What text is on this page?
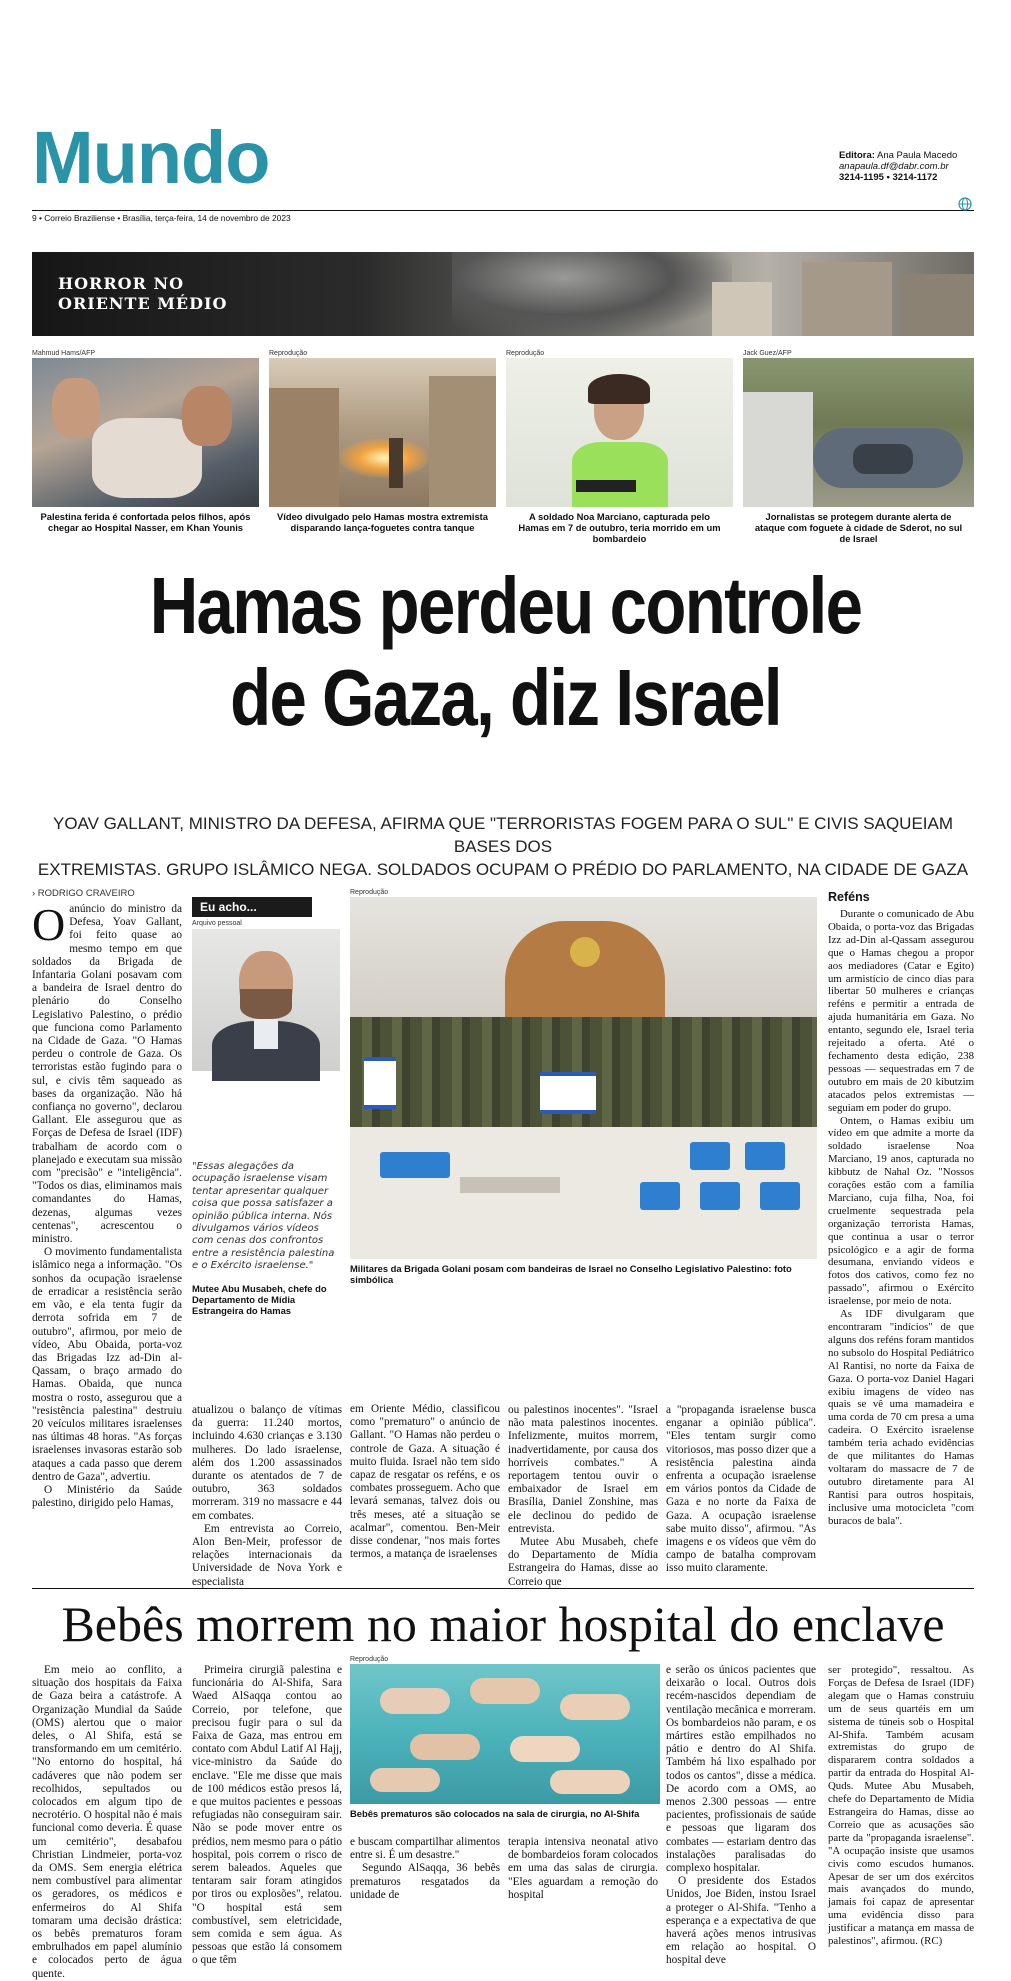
Mundo	Editora: Ana Paula Macedo
anapaula.df@dabr.com.br
3214-1195 • 3214-1172
9 • Correio Braziliense • Brasília, terça-feira, 14 de novembro de 2023
HORROR NO
ORIENTE MÉDIO
Mahmud Hams/AFP
Palestina ferida é confortada pelos filhos, após chegar ao Hospital Nasser, em Khan Younis
Reprodução
Vídeo divulgado pelo Hamas mostra extremista disparando lança-foguetes contra tanque
Reprodução
A soldado Noa Marciano, capturada pelo Hamas em 7 de outubro, teria morrido em um bombardeio
Jack Guez/AFP
Jornalistas se protegem durante alerta de ataque com foguete à cidade de Sderot, no sul de Israel
Hamas perdeu controle
de Gaza, diz Israel
YOAV GALLANT, MINISTRO DA DEFESA, AFIRMA QUE "TERRORISTAS FOGEM PARA O SUL" E CIVIS SAQUEIAM BASES DOS
EXTREMISTAS. GRUPO ISLÂMICO NEGA. SOLDADOS OCUPAM O PRÉDIO DO PARLAMENTO, NA CIDADE DE GAZA
› RODRIGO CRAVEIRO
O anúncio do ministro da Defesa, Yoav Gallant, foi feito quase ao mesmo tempo em que soldados da Brigada de Infantaria Golani posavam com a bandeira de Israel dentro do plenário do Conselho Legislativo Palestino, o prédio que funciona como Parlamento na Cidade de Gaza. "O Hamas perdeu o controle de Gaza. Os terroristas estão fugindo para o sul, e civis têm saqueado as bases da organização. Não há confiança no governo", declarou Gallant. Ele assegurou que as Forças de Defesa de Israel (IDF) trabalham de acordo com o planejado e executam sua missão com "precisão" e "inteligência". "Todos os dias, eliminamos mais comandantes do Hamas, dezenas, algumas vezes centenas", acrescentou o ministro.

O movimento fundamentalista islâmico nega a informação. "Os sonhos da ocupação israelense de erradicar a resistência serão em vão, e ela tenta fugir da derrota sofrida em 7 de outubro", afirmou, por meio de vídeo, Abu Obaida, porta-voz das Brigadas Izz ad-Din al-Qassam, o braço armado do Hamas. Obaida, que nunca mostra o rosto, assegurou que a "resistência palestina" destruiu 20 veículos militares israelenses nas últimas 48 horas. "As forças israelenses invasoras estarão sob ataques a cada passo que derem dentro de Gaza", advertiu.

O Ministério da Saúde palestino, dirigido pelo Hamas,

Eu acho...
Arquivo pessoal
"Essas alegações da ocupação israelense visam tentar apresentar qualquer coisa que possa satisfazer a opinião pública interna. Nós divulgamos vários vídeos com cenas dos confrontos entre a resistência palestina e o Exército israelense."
Mutee Abu Musabeh, chefe do Departamento de Mídia Estrangeira do Hamas
Reprodução
Militares da Brigada Golani posam com bandeiras de Israel no Conselho Legislativo Palestino: foto simbólica

atualizou o balanço de vítimas da guerra: 11.240 mortos, incluindo 4.630 crianças e 3.130 mulheres. Do lado israelense, além dos 1.200 assassinados durante os atentados de 7 de outubro, 363 soldados morreram. 319 no massacre e 44 em combates.

Em entrevista ao Correio, Alon Ben-Meir, professor de relações internacionais da Universidade de Nova York e especialista

em Oriente Médio, classificou como "prematuro" o anúncio de Gallant. "O Hamas não perdeu o controle de Gaza. A situação é muito fluida. Israel não tem sido capaz de resgatar os reféns, e os combates prosseguem. Acho que levará semanas, talvez dois ou três meses, até a situação se acalmar", comentou. Ben-Meir disse condenar, "nos mais fortes termos, a matança de israelenses

ou palestinos inocentes". "Israel não mata palestinos inocentes. Infelizmente, muitos morrem, inadvertidamente, por causa dos horríveis combates." A reportagem tentou ouvir o embaixador de Israel em Brasília, Daniel Zonshine, mas ele declinou do pedido de entrevista.

Mutee Abu Musabeh, chefe do Departamento de Mídia Estrangeira do Hamas, disse ao Correio que

a "propaganda israelense busca enganar a opinião pública". "Eles tentam surgir como vitoriosos, mas posso dizer que a resistência palestina ainda enfrenta a ocupação israelense em vários pontos da Cidade de Gaza e no norte da Faixa de Gaza. A ocupação israelense sabe muito disso", afirmou. "As imagens e os vídeos que vêm do campo de batalha comprovam isso muito claramente.

Reféns

Durante o comunicado de Abu Obaida, o porta-voz das Brigadas Izz ad-Din al-Qassam assegurou que o Hamas chegou a propor aos mediadores (Catar e Egito) um armistício de cinco dias para libertar 50 mulheres e crianças reféns e permitir a entrada de ajuda humanitária em Gaza. No entanto, segundo ele, Israel teria rejeitado a oferta. Até o fechamento desta edição, 238 pessoas — sequestradas em 7 de outubro em mais de 20 kibutzim atacados pelos extremistas — seguiam em poder do grupo.

Ontem, o Hamas exibiu um vídeo em que admite a morte da soldado israelense Noa Marciano, 19 anos, capturada no kibbutz de Nahal Oz. "Nossos corações estão com a família Marciano, cuja filha, Noa, foi cruelmente sequestrada pela organização terrorista Hamas, que continua a usar o terror psicológico e a agir de forma desumana, enviando vídeos e fotos dos cativos, como fez no passado", afirmou o Exército israelense, por meio de nota.

As IDF divulgaram que encontraram "indícios" de que alguns dos reféns foram mantidos no subsolo do Hospital Pediátrico Al Rantisi, no norte da Faixa de Gaza. O porta-voz Daniel Hagari exibiu imagens de vídeo nas quais se vê uma mamadeira e uma corda de 70 cm presa a uma cadeira. O Exército israelense também teria achado evidências de que militantes do Hamas voltaram do massacre de 7 de outubro diretamente para Al Rantisi para outros hospitais, inclusive uma motocicleta "com buracos de bala".

Bebês morrem no maior hospital do enclave

Em meio ao conflito, a situação dos hospitais da Faixa de Gaza beira a catástrofe. A Organização Mundial da Saúde (OMS) alertou que o maior deles, o Al Shifa, está se transformando em um cemitério. "No entorno do hospital, há cadáveres que não podem ser recolhidos, sepultados ou colocados em algum tipo de necrotério. O hospital não é mais funcional como deveria. É quase um cemitério", desabafou Christian Lindmeier, porta-voz da OMS. Sem energia elétrica nem combustível para alimentar os geradores, os médicos e enfermeiros do Al Shifa tomaram uma decisão drástica: os bebês prematuros foram embrulhados em papel alumínio e colocados perto de água quente.

Primeira cirurgiã palestina e funcionária do Al-Shifa, Sara Waed AlSaqqa contou ao Correio, por telefone, que precisou fugir para o sul da Faixa de Gaza, mas entrou em contato com Abdul Latif Al Hajj, vice-ministro da Saúde do enclave. "Ele me disse que mais de 100 médicos estão presos lá, e que muitos pacientes e pessoas refugiadas não conseguiram sair. Não se pode mover entre os prédios, nem mesmo para o pátio hospital, pois correm o risco de serem baleados. Aqueles que tentaram sair foram atingidos por tiros ou explosões", relatou. "O hospital está sem combustível, sem eletricidade, sem comida e sem água. As pessoas que estão lá consomem o que têm

Reprodução
Bebês prematuros são colocados na sala de cirurgia, no Al-Shifa

e buscam compartilhar alimentos entre si. É um desastre."

Segundo AlSaqqa, 36 bebês prematuros resgatados da unidade de

terapia intensiva neonatal ativo de bombardeios foram colocados em uma das salas de cirurgia. "Eles aguardam a remoção do hospital

e serão os únicos pacientes que deixarão o local. Outros dois recém-nascidos dependiam de ventilação mecânica e morreram. Os bombardeios não param, e os mártires estão empilhados no pátio e dentro do Al Shifa. Também há lixo espalhado por todos os cantos", disse a médica. De acordo com a OMS, ao menos 2.300 pessoas — entre pacientes, profissionais de saúde e pessoas que ligaram dos combates — estariam dentro das instalações paralisadas do complexo hospitalar.

O presidente dos Estados Unidos, Joe Biden, instou Israel a proteger o Al-Shifa. "Tenho a esperança e a expectativa de que haverá ações menos intrusivas em relação ao hospital. O hospital deve

ser protegido", ressaltou. As Forças de Defesa de Israel (IDF) alegam que o Hamas construiu um de seus quartéis em um sistema de túneis sob o Hospital Al-Shifa. Também acusam extremistas do grupo de dispararem contra soldados a partir da entrada do Hospital Al-Quds. Mutee Abu Musabeh, chefe do Departamento de Mídia Estrangeira do Hamas, disse ao Correio que as acusações são parte da "propaganda israelense". "A ocupação insiste que usamos civis como escudos humanos. Apesar de ser um dos exércitos mais avançados do mundo, jamais foi capaz de apresentar uma evidência disso para justificar a matança em massa de palestinos", afirmou. (RC)
